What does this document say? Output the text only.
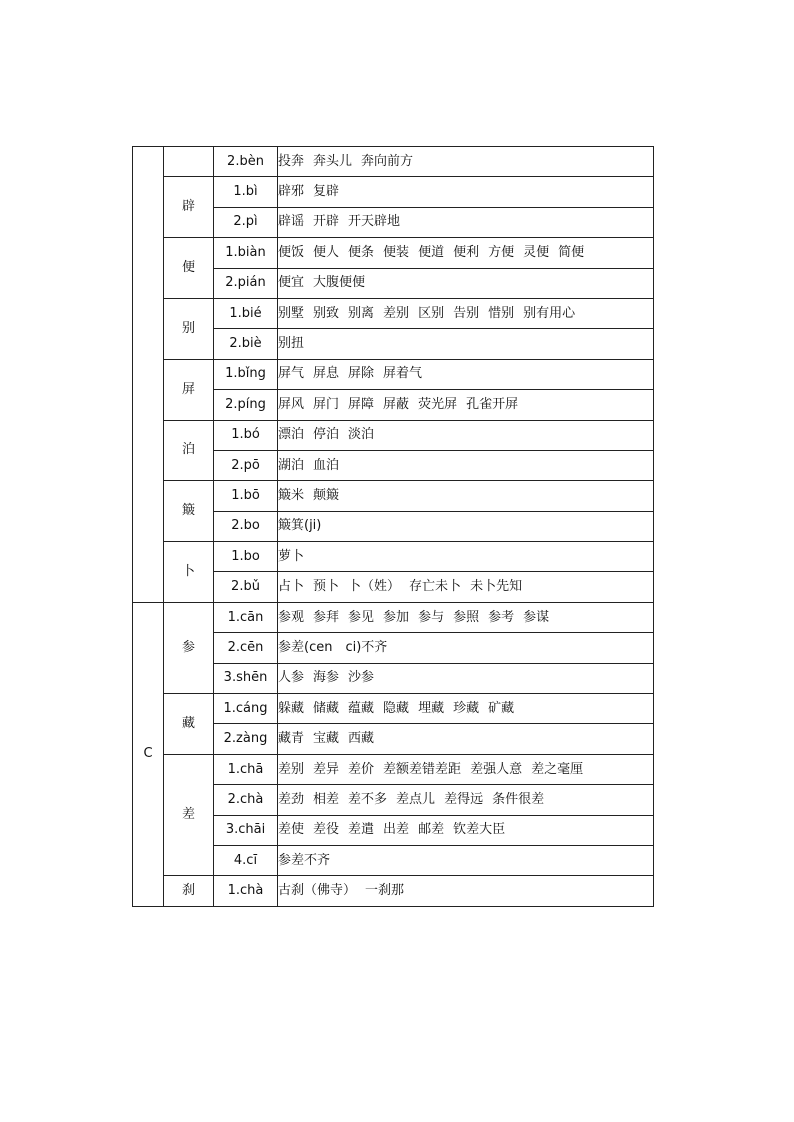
		2.bèn	投奔 奔头儿 奔向前方
	辟	1.bì	辟邪 复辟
		2.pì	辟谣 开辟 开天辟地
	便	1.biàn	便饭 便人 便条 便装 便道 便利 方便 灵便 简便
		2.pián	便宜 大腹便便
	别	1.bié	别墅 别致 别离 差别 区别 告别 惜别 别有用心
		2.biè	别扭
	屏	1.bǐng	屏气 屏息 屏除 屏着气
		2.píng	屏风 屏门 屏障 屏蔽 荧光屏 孔雀开屏
	泊	1.bó	漂泊 停泊 淡泊
		2.pō	湖泊 血泊
	簸	1.bō	簸米 颠簸
		2.bo	簸箕(ji)
	卜	1.bo	萝卜
		2.bǔ	占卜 预卜 卜（姓） 存亡未卜 未卜先知
C	参	1.cān	参观 参拜 参见 参加 参与 参照 参考 参谋
		2.cēn	参差(cen　ci)不齐
		3.shēn	人参 海参 沙参
	藏	1.cáng	躲藏 储藏 蕴藏 隐藏 埋藏 珍藏 矿藏
		2.zàng	藏青 宝藏 西藏
	差	1.chā	差别 差异 差价 差额差错差距 差强人意 差之毫厘
		2.chà	差劲 相差 差不多 差点儿 差得远 条件很差
		3.chāi	差使 差役 差遣 出差 邮差 钦差大臣
		4.cī	参差不齐
	刹	1.chà	古刹（佛寺） 一刹那
